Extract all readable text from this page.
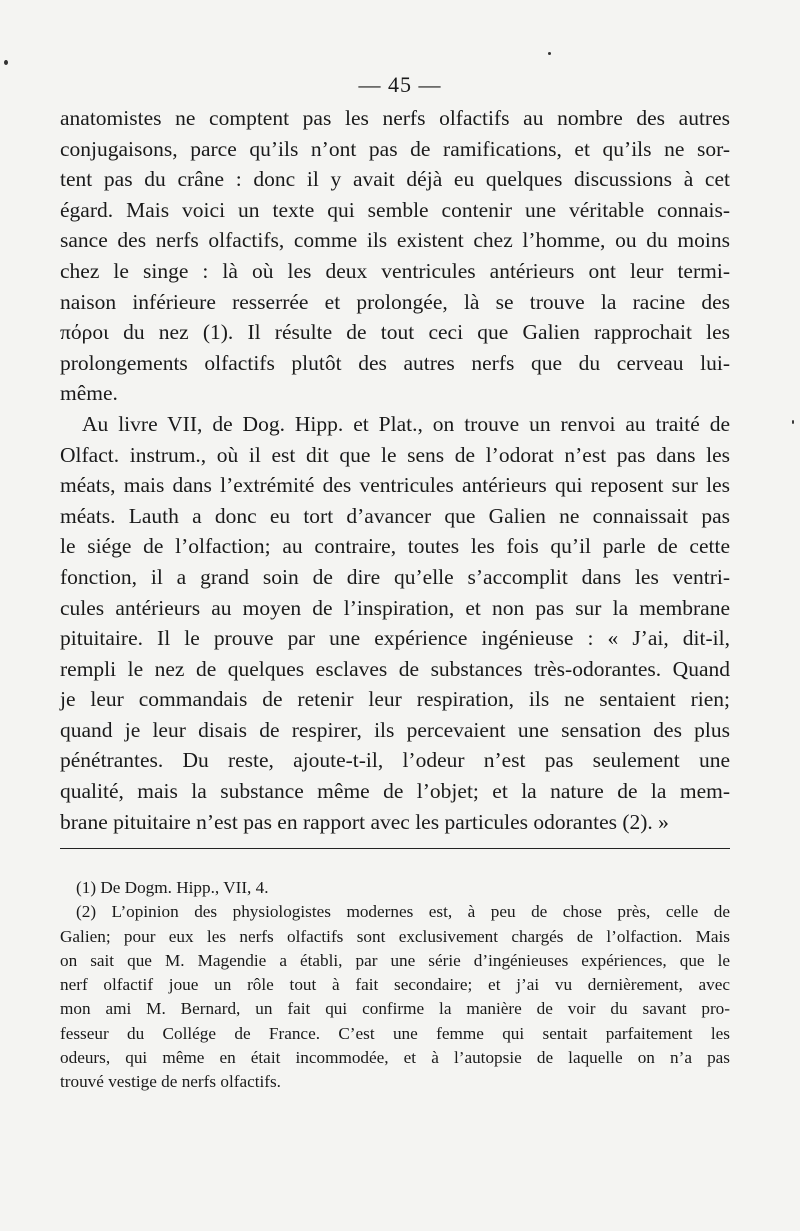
— 45 —
anatomistes ne comptent pas les nerfs olfactifs au nombre des autres
conjugaisons, parce qu’ils n’ont pas de ramifications, et qu’ils ne sor-
tent pas du crâne : donc il y avait déjà eu quelques discussions à cet
égard. Mais voici un texte qui semble contenir une véritable connais-
sance des nerfs olfactifs, comme ils existent chez l’homme, ou du moins
chez le singe : là où les deux ventricules antérieurs ont leur termi-
naison inférieure resserrée et prolongée, là se trouve la racine des
πόροι du nez (1). Il résulte de tout ceci que Galien rapprochait les
prolongements olfactifs plutôt des autres nerfs que du cerveau lui-
même.
Au livre VII, de Dog. Hipp. et Plat., on trouve un renvoi au traité de
Olfact. instrum., où il est dit que le sens de l’odorat n’est pas dans les
méats, mais dans l’extrémité des ventricules antérieurs qui reposent sur les
méats. Lauth a donc eu tort d’avancer que Galien ne connaissait pas
le siége de l’olfaction; au contraire, toutes les fois qu’il parle de cette
fonction, il a grand soin de dire qu’elle s’accomplit dans les ventri-
cules antérieurs au moyen de l’inspiration, et non pas sur la membrane
pituitaire. Il le prouve par une expérience ingénieuse : « J’ai, dit-il,
rempli le nez de quelques esclaves de substances très-odorantes. Quand
je leur commandais de retenir leur respiration, ils ne sentaient rien;
quand je leur disais de respirer, ils percevaient une sensation des plus
pénétrantes. Du reste, ajoute-t-il, l’odeur n’est pas seulement une
qualité, mais la substance même de l’objet; et la nature de la mem-
brane pituitaire n’est pas en rapport avec les particules odorantes (2). »
(1) De Dogm. Hipp., VII, 4.
(2) L’opinion des physiologistes modernes est, à peu de chose près, celle de
Galien; pour eux les nerfs olfactifs sont exclusivement chargés de l’olfaction. Mais
on sait que M. Magendie a établi, par une série d’ingénieuses expériences, que le
nerf olfactif joue un rôle tout à fait secondaire; et j’ai vu dernièrement, avec
mon ami M. Bernard, un fait qui confirme la manière de voir du savant pro-
fesseur du Collége de France. C’est une femme qui sentait parfaitement les
odeurs, qui même en était incommodée, et à l’autopsie de laquelle on n’a pas
trouvé vestige de nerfs olfactifs.
